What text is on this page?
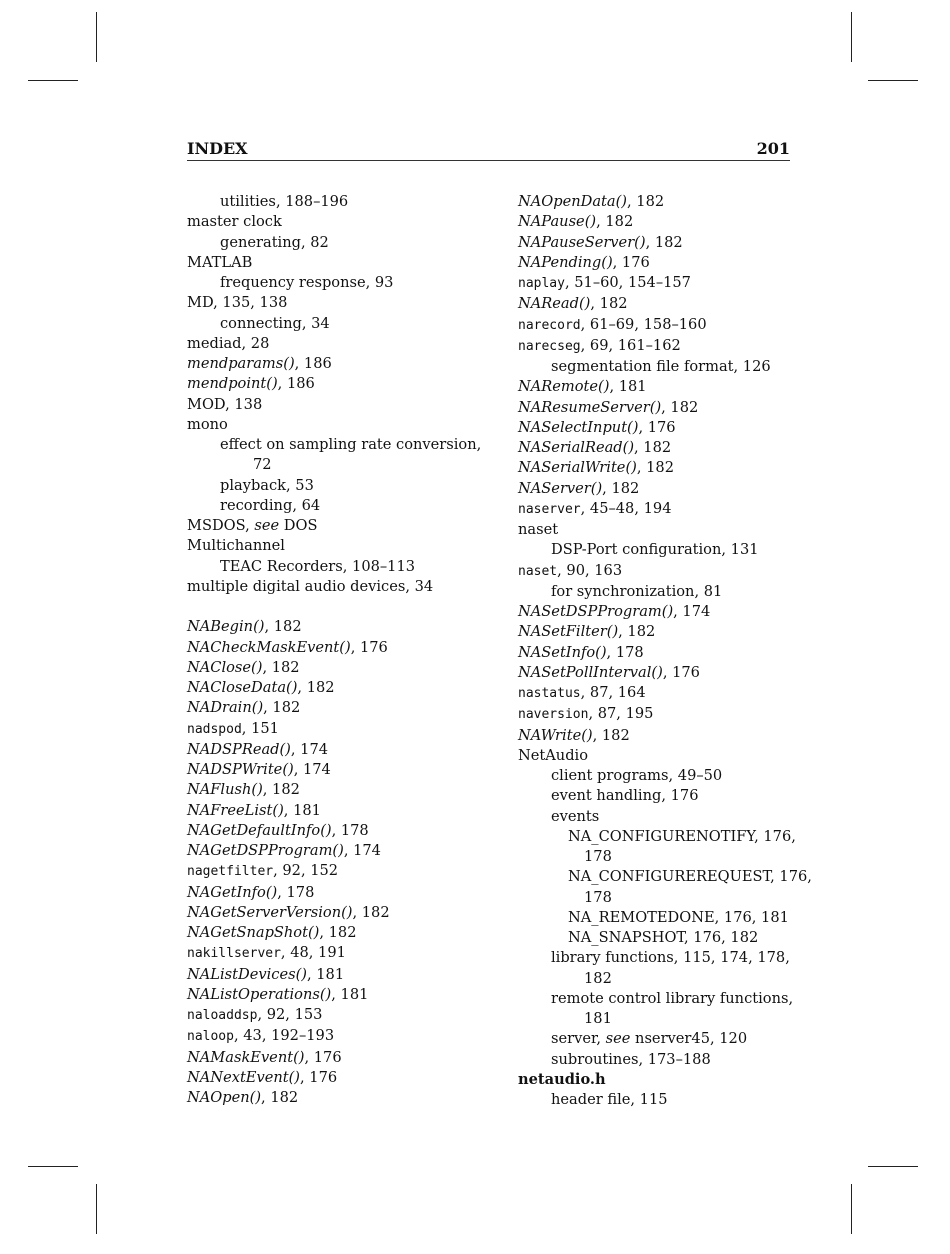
INDEX	201
utilities, 188–196
master clock
generating, 82
MATLAB
frequency response, 93
MD, 135, 138
connecting, 34
mediad, 28
mendparams(), 186
mendpoint(), 186
MOD, 138
mono
effect on sampling rate conversion,
72
playback, 53
recording, 64
MSDOS, see DOS
Multichannel
TEAC Recorders, 108–113
multiple digital audio devices, 34
NABegin(), 182
NACheckMaskEvent(), 176
NAClose(), 182
NACloseData(), 182
NADrain(), 182
nadspod, 151
NADSPRead(), 174
NADSPWrite(), 174
NAFlush(), 182
NAFreeList(), 181
NAGetDefaultInfo(), 178
NAGetDSPProgram(), 174
nagetfilter, 92, 152
NAGetInfo(), 178
NAGetServerVersion(), 182
NAGetSnapShot(), 182
nakillserver, 48, 191
NAListDevices(), 181
NAListOperations(), 181
naloaddsp, 92, 153
naloop, 43, 192–193
NAMaskEvent(), 176
NANextEvent(), 176
NAOpen(), 182
NAOpenData(), 182
NAPause(), 182
NAPauseServer(), 182
NAPending(), 176
naplay, 51–60, 154–157
NARead(), 182
narecord, 61–69, 158–160
narecseg, 69, 161–162
segmentation file format, 126
NARemote(), 181
NAResumeServer(), 182
NASelectInput(), 176
NASerialRead(), 182
NASerialWrite(), 182
NAServer(), 182
naserver, 45–48, 194
naset
DSP-Port configuration, 131
naset, 90, 163
for synchronization, 81
NASetDSPProgram(), 174
NASetFilter(), 182
NASetInfo(), 178
NASetPollInterval(), 176
nastatus, 87, 164
naversion, 87, 195
NAWrite(), 182
NetAudio
client programs, 49–50
event handling, 176
events
NA_CONFIGURENOTIFY, 176,
178
NA_CONFIGUREREQUEST, 176,
178
NA_REMOTEDONE, 176, 181
NA_SNAPSHOT, 176, 182
library functions, 115, 174, 178,
182
remote control library functions,
181
server, see nserver45, 120
subroutines, 173–188
netaudio.h
header file, 115
